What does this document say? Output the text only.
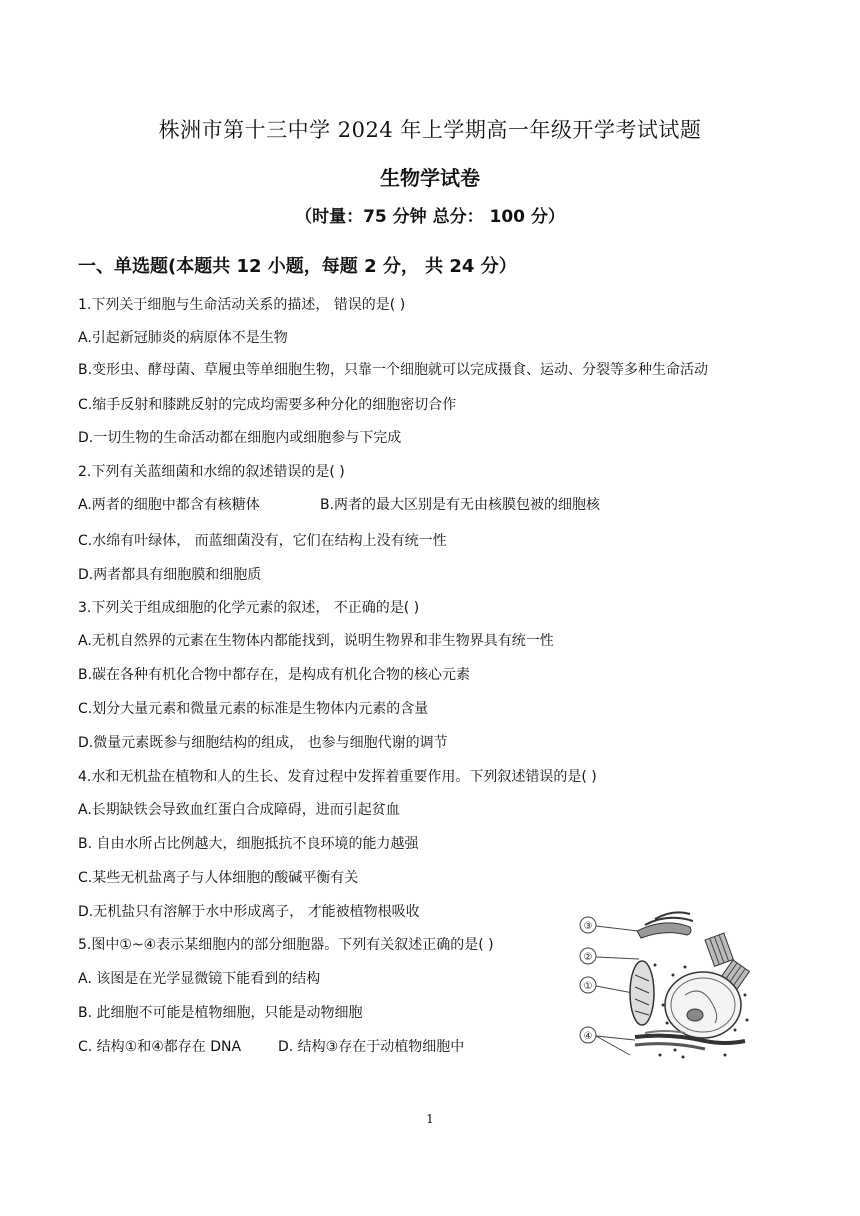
株洲市第十三中学 2024 年上学期高一年级开学考试试题
生物学试卷
（时量：75 分钟 总分： 100 分）
一、单选题(本题共 12 小题，每题 2 分， 共 24 分）
1.下列关于细胞与生命活动关系的描述， 错误的是( )
A.引起新冠肺炎的病原体不是生物
B.变形虫、酵母菌、草履虫等单细胞生物，只靠一个细胞就可以完成摄食、运动、分裂等多种生命活动
C.缩手反射和膝跳反射的完成均需要多种分化的细胞密切合作
D.一切生物的生命活动都在细胞内或细胞参与下完成
2.下列有关蓝细菌和水绵的叙述错误的是( )
A.两者的细胞中都含有核糖体	B.两者的最大区别是有无由核膜包被的细胞核
C.水绵有叶绿体， 而蓝细菌没有，它们在结构上没有统一性
D.两者都具有细胞膜和细胞质
3.下列关于组成细胞的化学元素的叙述， 不正确的是( )
A.无机自然界的元素在生物体内都能找到，说明生物界和非生物界具有统一性
B.碳在各种有机化合物中都存在，是构成有机化合物的核心元素
C.划分大量元素和微量元素的标准是生物体内元素的含量
D.微量元素既参与细胞结构的组成， 也参与细胞代谢的调节
4.水和无机盐在植物和人的生长、发育过程中发挥着重要作用。下列叙述错误的是( )
A.长期缺铁会导致血红蛋白合成障碍，进而引起贫血
B. 自由水所占比例越大，细胞抵抗不良环境的能力越强
C.某些无机盐离子与人体细胞的酸碱平衡有关
D.无机盐只有溶解于水中形成离子， 才能被植物根吸收
5.图中①~④表示某细胞内的部分细胞器。下列有关叙述正确的是( )
A. 该图是在光学显微镜下能看到的结构
B. 此细胞不可能是植物细胞，只能是动物细胞
C. 结构①和④都存在 DNA	D. 结构③存在于动植物细胞中
③
②
①
④
1
